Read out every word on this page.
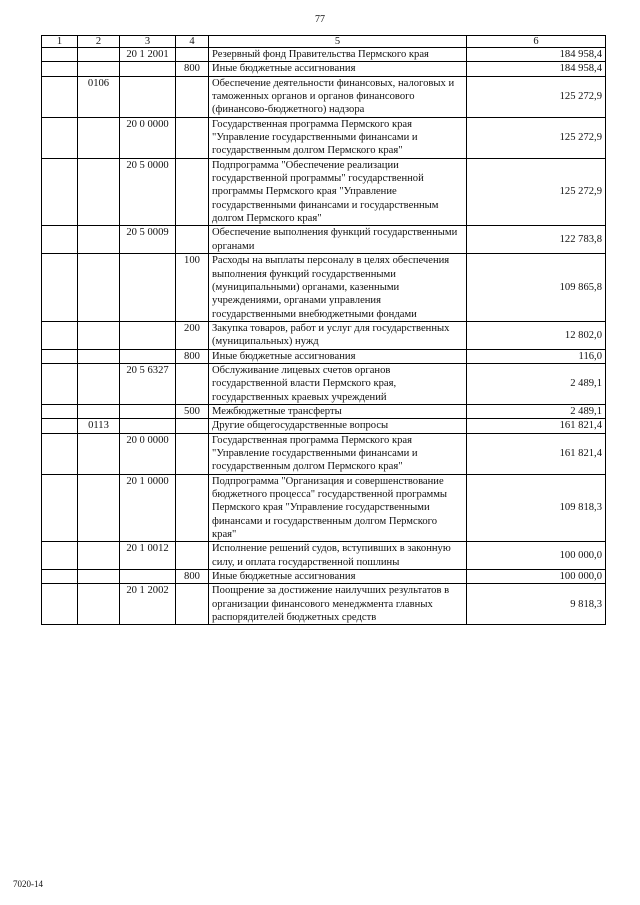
77
1	2	3	4	5	6
		20 1 2001		Резервный фонд Правительства Пермского края	184 958,4
			800	Иные бюджетные ассигнования	184 958,4
	0106			Обеспечение деятельности финансовых, налоговых и таможенных органов и органов финансового (финансово-бюджетного) надзора	125 272,9
		20 0 0000		Государственная программа Пермского края "Управление государственными финансами и государственным долгом Пермского края"	125 272,9
		20 5 0000		Подпрограмма "Обеспечение реализации государственной программы" государственной программы Пермского края "Управление государственными финансами и государственным долгом Пермского края"	125 272,9
		20 5 0009		Обеспечение выполнения функций государственными органами	122 783,8
			100	Расходы на выплаты персоналу в целях обеспечения выполнения функций государственными (муниципальными) органами, казенными учреждениями, органами управления государственными внебюджетными фондами	109 865,8
			200	Закупка товаров, работ и услуг для государственных (муниципальных) нужд	12 802,0
			800	Иные бюджетные ассигнования	116,0
		20 5 6327		Обслуживание лицевых счетов органов государственной власти Пермского края, государственных краевых учреждений	2 489,1
			500	Межбюджетные трансферты	2 489,1
	0113			Другие общегосударственные вопросы	161 821,4
		20 0 0000		Государственная программа Пермского края "Управление государственными финансами и государственным долгом Пермского края"	161 821,4
		20 1 0000		Подпрограмма "Организация и совершенствование бюджетного процесса" государственной программы Пермского края "Управление государственными финансами и государственным долгом Пермского края"	109 818,3
		20 1 0012		Исполнение решений судов, вступивших в законную силу, и оплата государственной пошлины	100 000,0
			800	Иные бюджетные ассигнования	100 000,0
		20 1 2002		Поощрение за достижение наилучших результатов в организации финансового менеджмента главных распорядителей бюджетных средств	9 818,3
7020-14
